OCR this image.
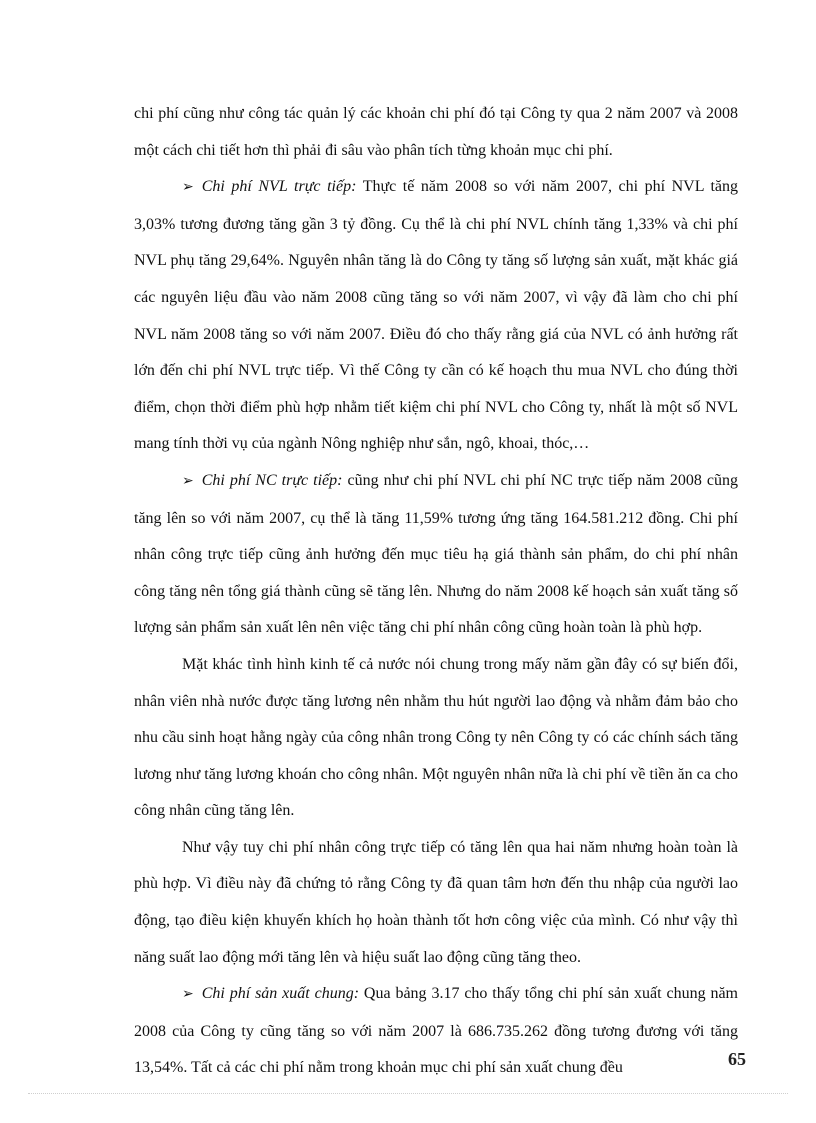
chi phí cũng như công tác quản lý các khoản chi phí đó tại Công ty qua 2 năm 2007 và 2008 một cách chi tiết hơn thì phải đi sâu vào phân tích từng khoản mục chi phí.

➢ Chi phí NVL trực tiếp: Thực tế năm 2008 so với năm 2007, chi phí NVL tăng 3,03% tương đương tăng gần 3 tỷ đồng. Cụ thể là chi phí NVL chính tăng 1,33% và chi phí NVL phụ tăng 29,64%. Nguyên nhân tăng là do Công ty tăng số lượng sản xuất, mặt khác giá các nguyên liệu đầu vào năm 2008 cũng tăng so với năm 2007, vì vậy đã làm cho chi phí NVL năm 2008 tăng so với năm 2007. Điều đó cho thấy rằng giá của NVL có ảnh hưởng rất lớn đến chi phí NVL trực tiếp. Vì thế Công ty cần có kế hoạch thu mua NVL cho đúng thời điểm, chọn thời điểm phù hợp nhằm tiết kiệm chi phí NVL cho Công ty, nhất là một số NVL mang tính thời vụ của ngành Nông nghiệp như sắn, ngô, khoai, thóc,…

➢ Chi phí NC trực tiếp: cũng như chi phí NVL chi phí NC trực tiếp năm 2008 cũng tăng lên so với năm 2007, cụ thể là tăng 11,59% tương ứng tăng 164.581.212 đồng. Chi phí nhân công trực tiếp cũng ảnh hưởng đến mục tiêu hạ giá thành sản phẩm, do chi phí nhân công tăng nên tổng giá thành cũng sẽ tăng lên. Nhưng do năm 2008 kế hoạch sản xuất tăng số lượng sản phẩm sản xuất lên nên việc tăng chi phí nhân công cũng hoàn toàn là phù hợp.

Mặt khác tình hình kinh tế cả nước nói chung trong mấy năm gần đây có sự biến đổi, nhân viên nhà nước được tăng lương nên nhằm thu hút người lao động và nhằm đảm bảo cho nhu cầu sinh hoạt hằng ngày của công nhân trong Công ty nên Công ty có các chính sách tăng lương như tăng lương khoán cho công nhân. Một nguyên nhân nữa là chi phí về tiền ăn ca cho công nhân cũng tăng lên.

Như vậy tuy chi phí nhân công trực tiếp có tăng lên qua hai năm nhưng hoàn toàn là phù hợp. Vì điều này đã chứng tỏ rằng Công ty đã quan tâm hơn đến thu nhập của người lao động, tạo điều kiện khuyến khích họ hoàn thành tốt hơn công việc của mình. Có như vậy thì năng suất lao động mới tăng lên và hiệu suất lao động cũng tăng theo.

➢ Chi phí sản xuất chung: Qua bảng 3.17 cho thấy tổng chi phí sản xuất chung năm 2008 của Công ty cũng tăng so với năm 2007 là 686.735.262 đồng tương đương với tăng 13,54%. Tất cả các chi phí nằm trong khoản mục chi phí sản xuất chung đều	65
